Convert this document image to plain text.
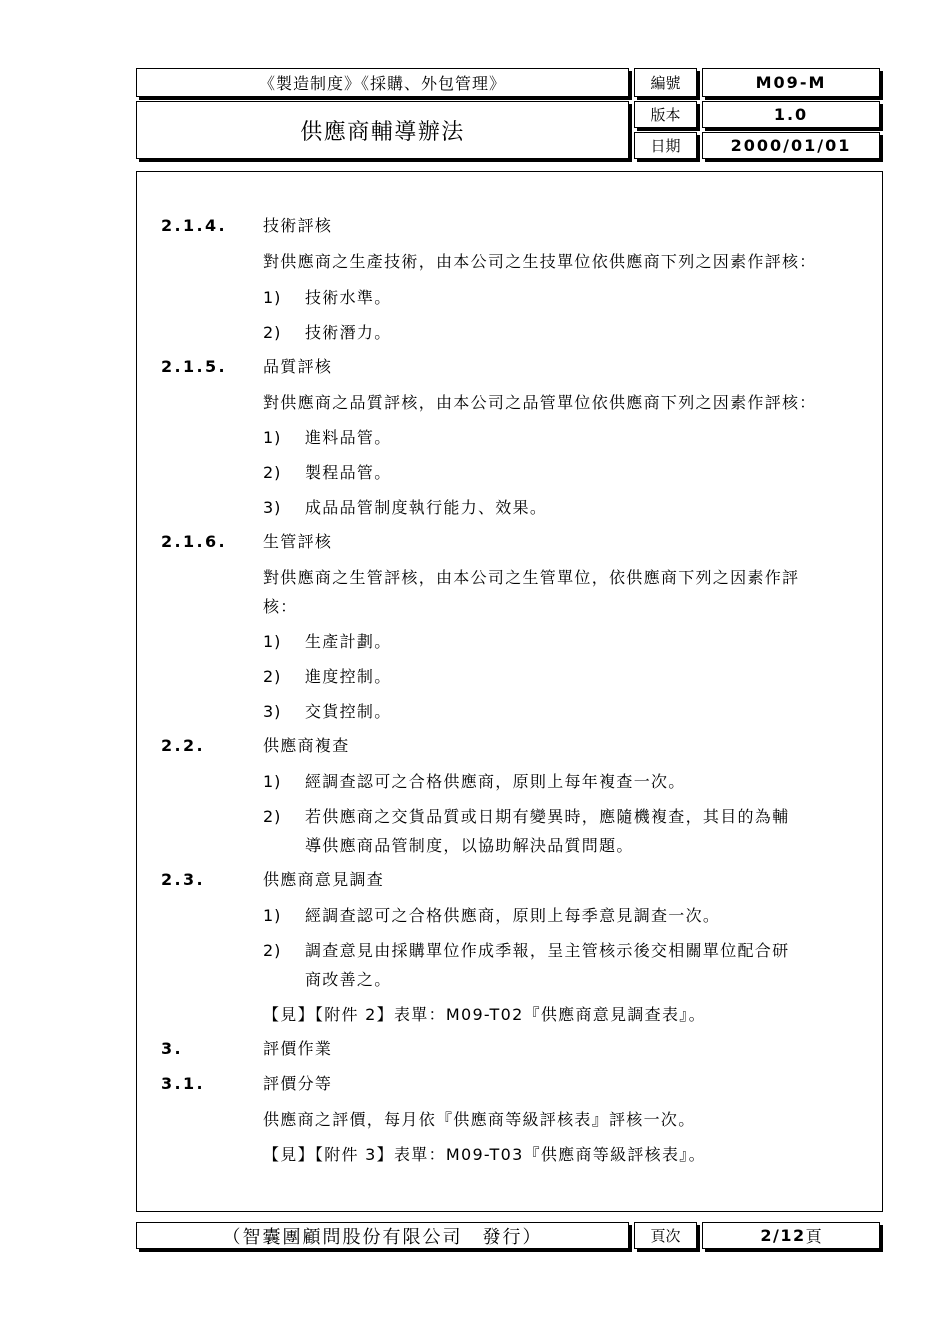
《製造制度》《採購、外包管理》
供應商輔導辦法
編號	M09-M
版本	1.0
日期	2000/01/01
2.1.4. 技術評核
對供應商之生產技術，由本公司之生技單位依供應商下列之因素作評核：
1) 技術水準。
2) 技術潛力。
2.1.5. 品質評核
對供應商之品質評核，由本公司之品管單位依供應商下列之因素作評核：
1) 進料品管。
2) 製程品管。
3) 成品品管制度執行能力、效果。
2.1.6. 生管評核
對供應商之生管評核，由本公司之生管單位，依供應商下列之因素作評
核：
1) 生產計劃。
2) 進度控制。
3) 交貨控制。
2.2.	供應商複查
1) 經調查認可之合格供應商，原則上每年複查一次。
2) 若供應商之交貨品質或日期有變異時，應隨機複查，其目的為輔
導供應商品管制度，以協助解決品質問題。
2.3.	供應商意見調查
1) 經調查認可之合格供應商，原則上每季意見調查一次。
2) 調查意見由採購單位作成季報，呈主管核示後交相關單位配合研
商改善之。
【見】【附件 2】表單：M09-T02『供應商意見調查表』。
3.	評價作業
3.1.	評價分等
供應商之評價，每月依『供應商等級評核表』評核一次。
【見】【附件 3】表單：M09-T03『供應商等級評核表』。
（智囊團顧問股份有限公司　發行）	頁次	2/12 頁
